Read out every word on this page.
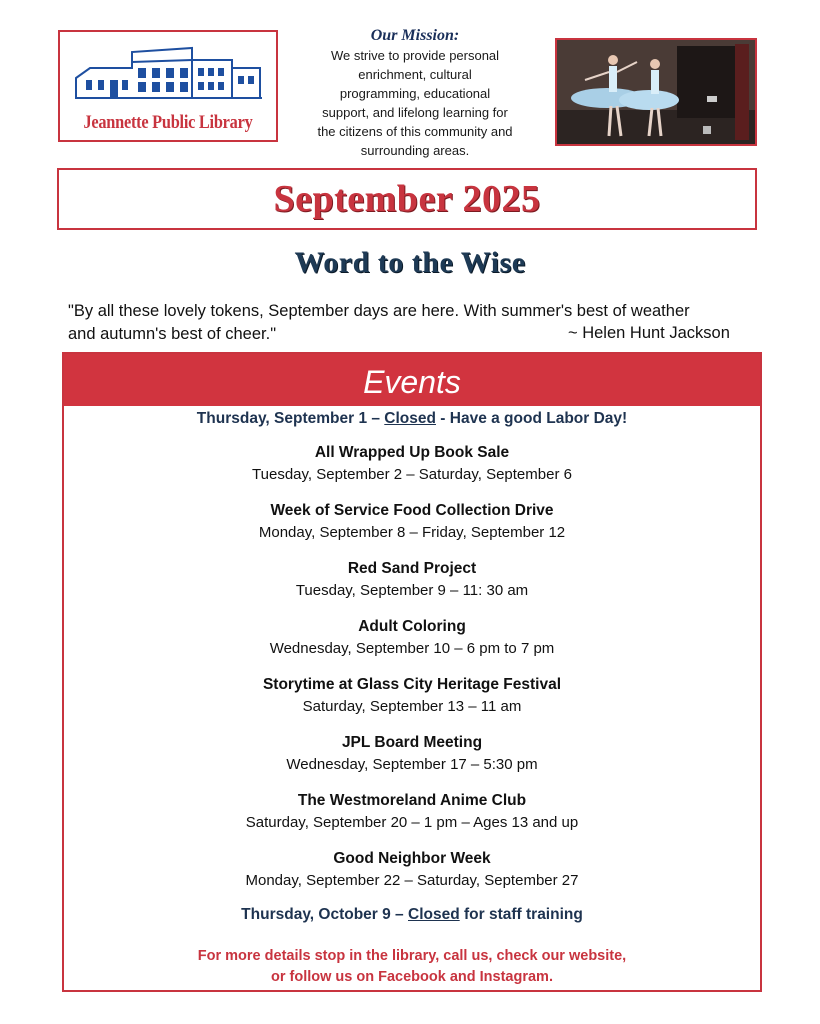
Jeannette Public Library
Our Mission:
We strive to provide personal
enrichment, cultural
programming, educational
support, and lifelong learning for
the citizens of this community and
surrounding areas.
September 2025
Word to the Wise
"By all these lovely tokens, September days are here. With summer's best of weather
and autumn's best of cheer."	~ Helen Hunt Jackson
Events
Thursday, September 1 – Closed - Have a good Labor Day!
All Wrapped Up Book Sale
Tuesday, September 2 – Saturday, September 6
Week of Service Food Collection Drive
Monday, September 8 – Friday, September 12
Red Sand Project
Tuesday, September 9 – 11: 30 am
Adult Coloring
Wednesday, September 10 – 6 pm to 7 pm
Storytime at Glass City Heritage Festival
Saturday, September 13 – 11 am
JPL Board Meeting
Wednesday, September 17 – 5:30 pm
The Westmoreland Anime Club
Saturday, September 20 – 1 pm – Ages 13 and up
Good Neighbor Week
Monday, September 22 – Saturday, September 27
Thursday, October 9 – Closed for staff training
For more details stop in the library, call us, check our website,
or follow us on Facebook and Instagram.
